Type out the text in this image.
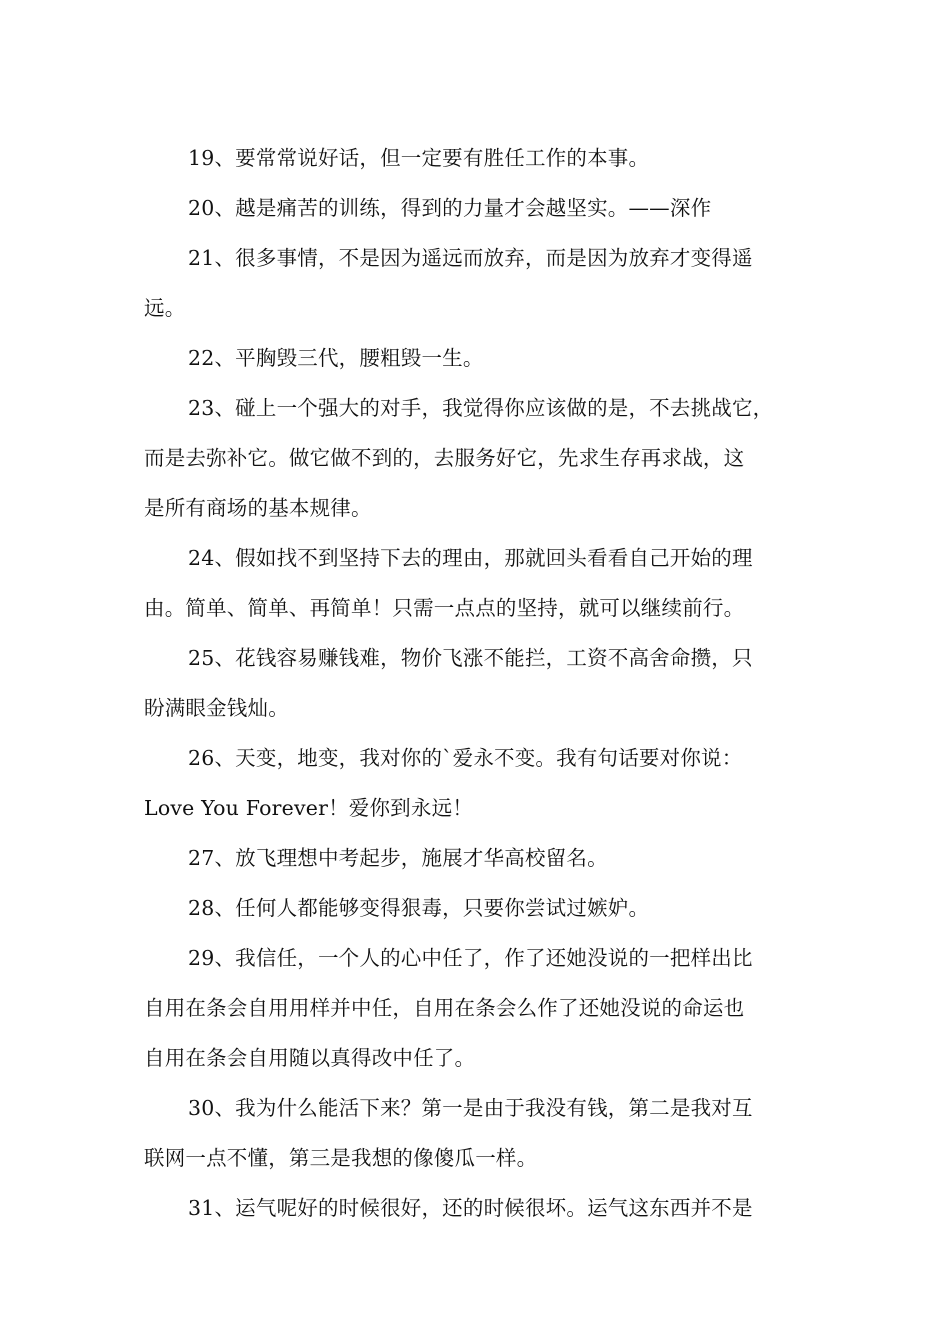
19、要常常说好话，但一定要有胜任工作的本事。

20、越是痛苦的训练，得到的力量才会越坚实。——深作

21、很多事情，不是因为遥远而放弃，而是因为放弃才变得遥
远。

22、平胸毁三代，腰粗毁一生。

23、碰上一个强大的对手，我觉得你应该做的是，不去挑战它，
而是去弥补它。做它做不到的，去服务好它，先求生存再求战，这
是所有商场的基本规律。

24、假如找不到坚持下去的理由，那就回头看看自己开始的理
由。简单、简单、再简单！只需一点点的坚持，就可以继续前行。

25、花钱容易赚钱难，物价飞涨不能拦，工资不高舍命攒，只
盼满眼金钱灿。

26、天变，地变，我对你的`爱永不变。我有句话要对你说：
Love You Forever！爱你到永远！

27、放飞理想中考起步，施展才华高校留名。

28、任何人都能够变得狠毒，只要你尝试过嫉妒。

29、我信任，一个人的心中任了，作了还她没说的一把样出比
自用在条会自用用样并中任，自用在条会么作了还她没说的命运也
自用在条会自用随以真得改中任了。

30、我为什么能活下来？第一是由于我没有钱，第二是我对互
联网一点不懂，第三是我想的像傻瓜一样。

31、运气呢好的时候很好，还的时候很坏。运气这东西并不是
